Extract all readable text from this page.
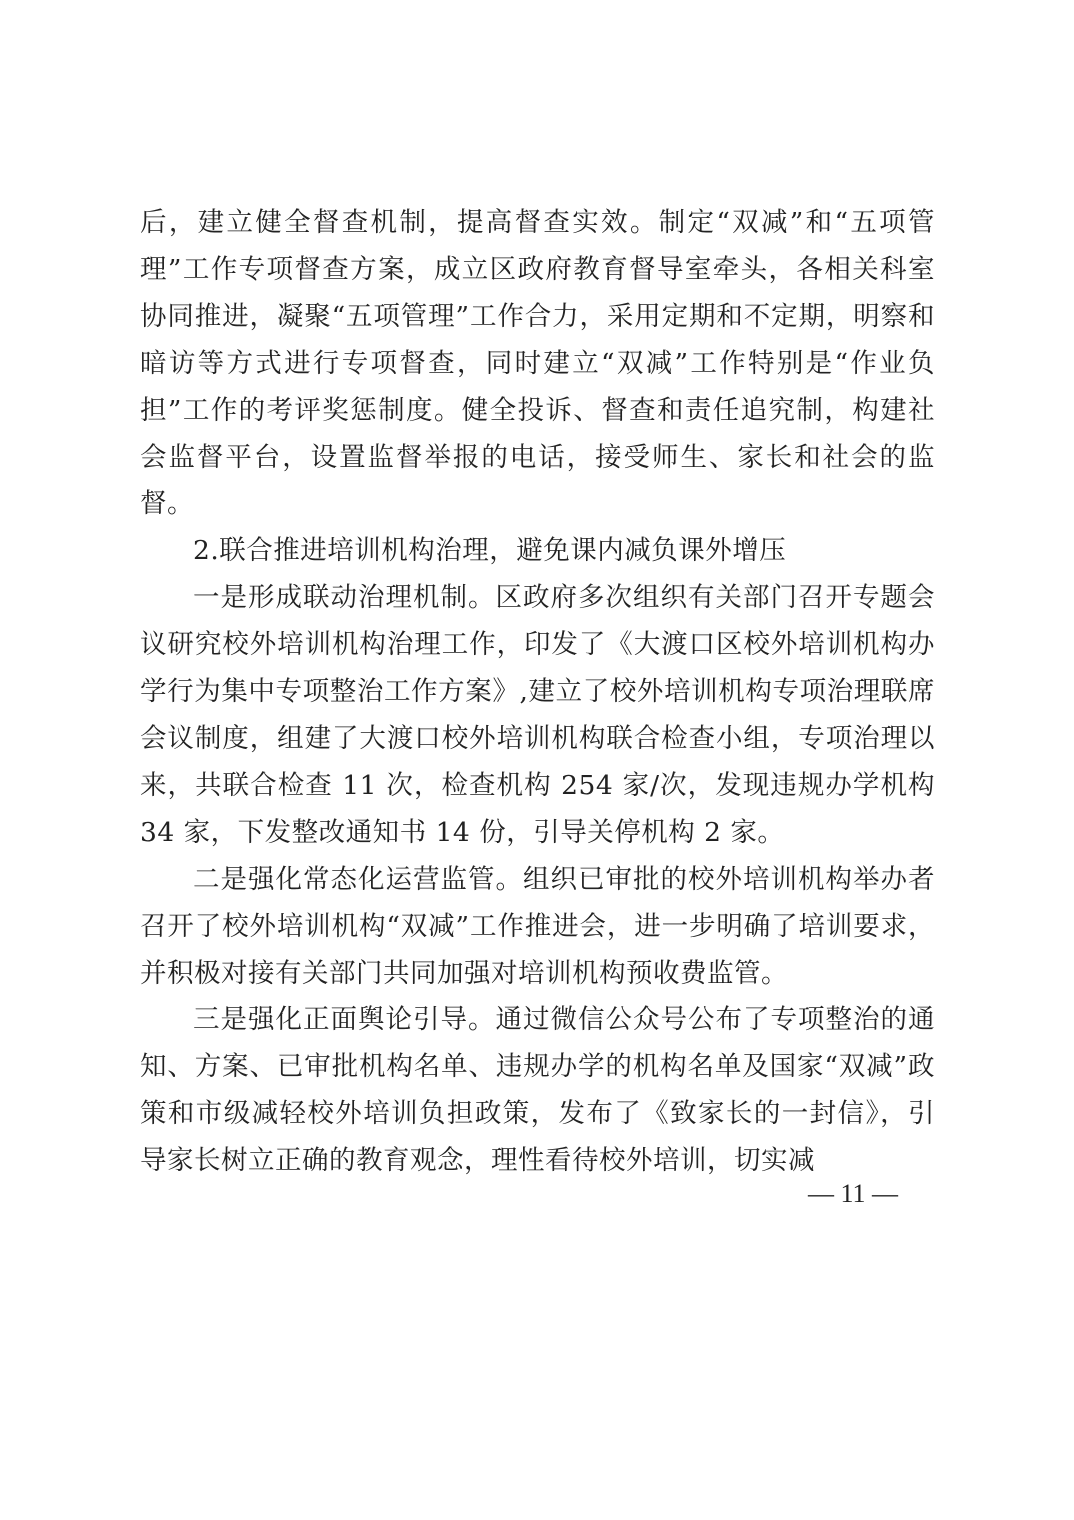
后，建立健全督查机制，提高督查实效。制定“双减”和“五项管理”工作专项督查方案，成立区政府教育督导室牵头，各相关科室协同推进，凝聚“五项管理”工作合力，采用定期和不定期，明察和暗访等方式进行专项督查，同时建立“双减”工作特别是“作业负担”工作的考评奖惩制度。健全投诉、督查和责任追究制，构建社会监督平台，设置监督举报的电话，接受师生、家长和社会的监督。

2.联合推进培训机构治理，避免课内减负课外增压

一是形成联动治理机制。区政府多次组织有关部门召开专题会议研究校外培训机构治理工作，印发了《大渡口区校外培训机构办学行为集中专项整治工作方案》,建立了校外培训机构专项治理联席会议制度，组建了大渡口校外培训机构联合检查小组，专项治理以来，共联合检查 11 次，检查机构 254 家/次，发现违规办学机构 34 家，下发整改通知书 14 份，引导关停机构 2 家。

二是强化常态化运营监管。组织已审批的校外培训机构举办者召开了校外培训机构“双减”工作推进会，进一步明确了培训要求，并积极对接有关部门共同加强对培训机构预收费监管。

三是强化正面舆论引导。通过微信公众号公布了专项整治的通知、方案、已审批机构名单、违规办学的机构名单及国家“双减”政策和市级减轻校外培训负担政策，发布了《致家长的一封信》，引导家长树立正确的教育观念，理性看待校外培训，切实减

— 11 —
